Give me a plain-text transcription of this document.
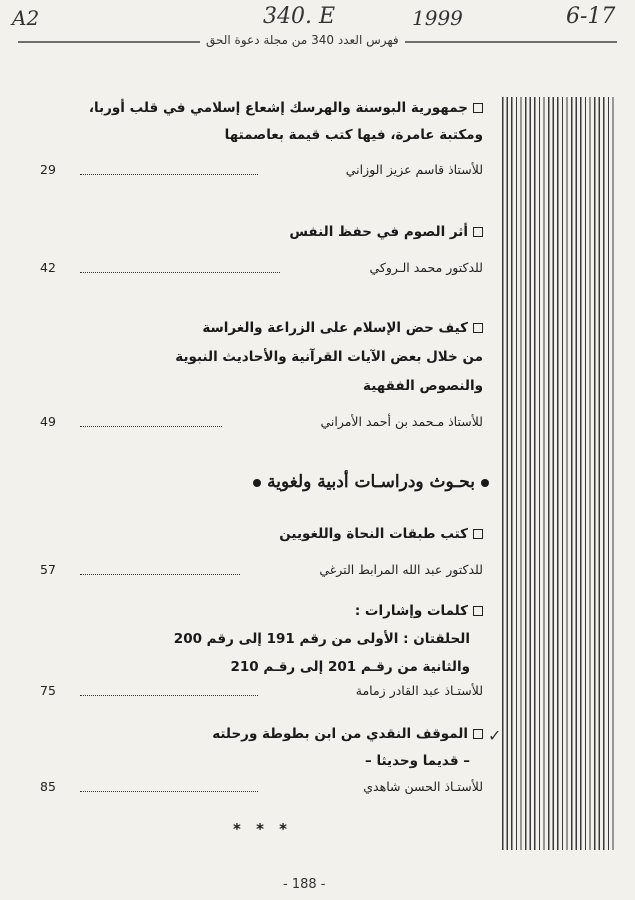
A2	340. E	1999	6-17
فهرس العدد 340 من مجلة دعوة الحق
جمهورية البوسنة والهرسك إشعاع إسلامي في قلب أوربا،
ومكتبة عامرة، فيها كتب قيمة بعاصمتها
للأستاذ قاسم عزيز الوزاني
29
أثر الصوم في حفظ النفس
للدكتور محمد الـروكي
42
كيف حض الإسلام على الزراعة والغراسة
من خلال بعض الآيات القرآنية والأحاديث النبوية
والنصوص الفقهية
للأستاذ مـحمد بن أحمد الأمراني
49
بحـوث ودراسـات أدبية ولغوية
كتب طبقات النحاة واللغويين
للدكتور عبد الله المرابط الترغي
57
كلمات وإشارات :
الحلقتان : الأولى من رقم 191 إلى رقم 200
والثانية من رقـم 201 إلى رقـم 210
للأستـاذ عبد القادر زمامة
75
✓
الموقف النقدي من ابن بطوطة ورحلته
– قديما وحديثا –
للأستـاذ الحسن شاهدي
85
* * *
- 188 -
